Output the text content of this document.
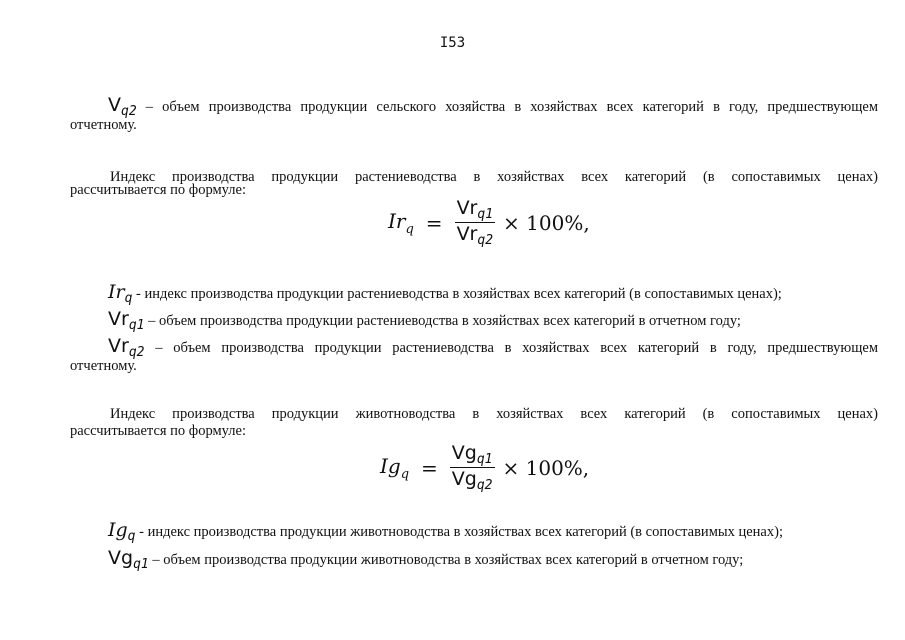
I53
$V_{q2}$ – объем производства продукции сельского хозяйства в хозяйствах всех категорий в году, предшествующем
отчетному.
Индекс производства продукции растениеводства в хозяйствах всех категорий (в сопоставимых ценах)
рассчитывается по формуле:
$Ir_q = \frac{Vr_{q1}}{Vr_{q2}} \times 100\%$,
$Ir_q$ - индекс производства продукции растениеводства в хозяйствах всех категорий (в сопоставимых ценах);
$Vr_{q1}$ – объем производства продукции растениеводства в хозяйствах всех категорий в отчетном году;
$Vr_{q2}$ – объем производства продукции растениеводства в хозяйствах всех категорий в году, предшествующем
отчетному.
Индекс производства продукции животноводства в хозяйствах всех категорий (в сопоставимых ценах)
рассчитывается по формуле:
$Ig_q = \frac{Vg_{q1}}{Vg_{q2}} \times 100\%$,
$Ig_q$ - индекс производства продукции животноводства в хозяйствах всех категорий (в сопоставимых ценах);
$Vg_{q1}$ – объем производства продукции животноводства в хозяйствах всех категорий в отчетном году;
